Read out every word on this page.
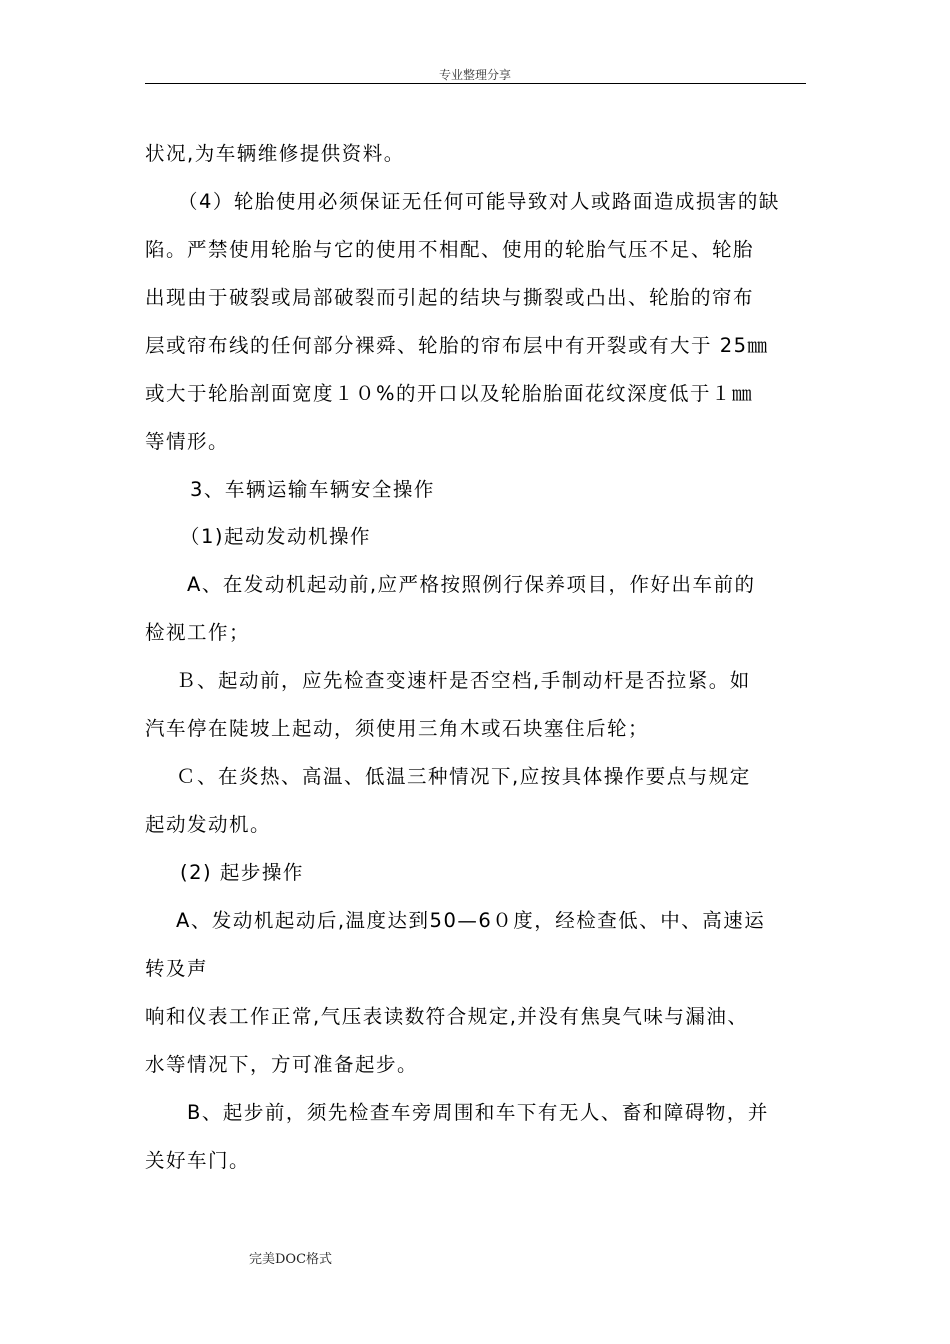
专业整理分享
状况,为车辆维修提供资料。
（4）轮胎使用必须保证无任何可能导致对人或路面造成损害的缺
陷。严禁使用轮胎与它的使用不相配、使用的轮胎气压不足、轮胎
出现由于破裂或局部破裂而引起的结块与撕裂或凸出、轮胎的帘布
层或帘布线的任何部分裸舜、轮胎的帘布层中有开裂或有大于 25㎜
或大于轮胎剖面宽度１０%的开口以及轮胎胎面花纹深度低于１㎜
等情形。
3、车辆运输车辆安全操作
（1)起动发动机操作
A、在发动机起动前,应严格按照例行保养项目，作好出车前的
检视工作；
Ｂ、起动前，应先检查变速杆是否空档,手制动杆是否拉紧。如
汽车停在陡坡上起动，须使用三角木或石块塞住后轮；
Ｃ、在炎热、高温、低温三种情况下,应按具体操作要点与规定
起动发动机。
(2) 起步操作
A、发动机起动后,温度达到50—6０度，经检查低、中、高速运
转及声
响和仪表工作正常,气压表读数符合规定,并没有焦臭气味与漏油、
水等情况下，方可准备起步。
B、起步前，须先检查车旁周围和车下有无人、畜和障碍物，并
关好车门。
完美DOC格式
